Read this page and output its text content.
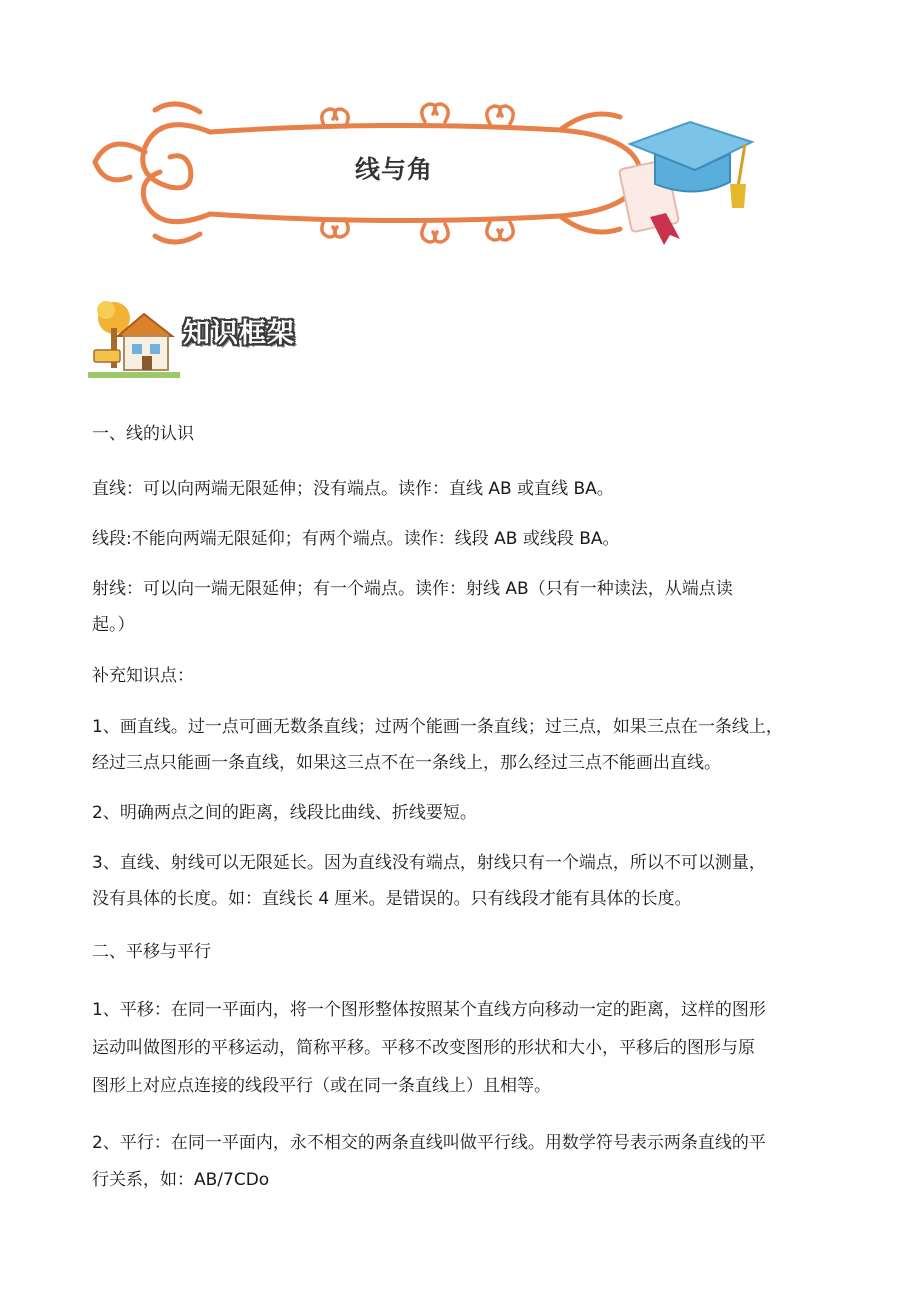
线与角
知识框架
一、线的认识
直线：可以向两端无限延伸；没有端点。读作：直线 AB 或直线 BA。
线段:不能向两端无限延仰；有两个端点。读作：线段 AB 或线段 BA。
射线：可以向一端无限延伸；有一个端点。读作：射线 AB（只有一种读法，从端点读
起。）
补充知识点：
1、画直线。过一点可画无数条直线；过两个能画一条直线；过三点，如果三点在一条线上，
经过三点只能画一条直线，如果这三点不在一条线上，那么经过三点不能画出直线。
2、明确两点之间的距离，线段比曲线、折线要短。
3、直线、射线可以无限延长。因为直线没有端点，射线只有一个端点，所以不可以测量，
没有具体的长度。如：直线长 4 厘米。是错误的。只有线段才能有具体的长度。
二、平移与平行
1、平移：在同一平面内，将一个图形整体按照某个直线方向移动一定的距离，这样的图形
运动叫做图形的平移运动，简称平移。平移不改变图形的形状和大小，平移后的图形与原
图形上对应点连接的线段平行（或在同一条直线上）且相等。
2、平行：在同一平面内，永不相交的两条直线叫做平行线。用数学符号表示两条直线的平
行关系，如：AB/7CDo
